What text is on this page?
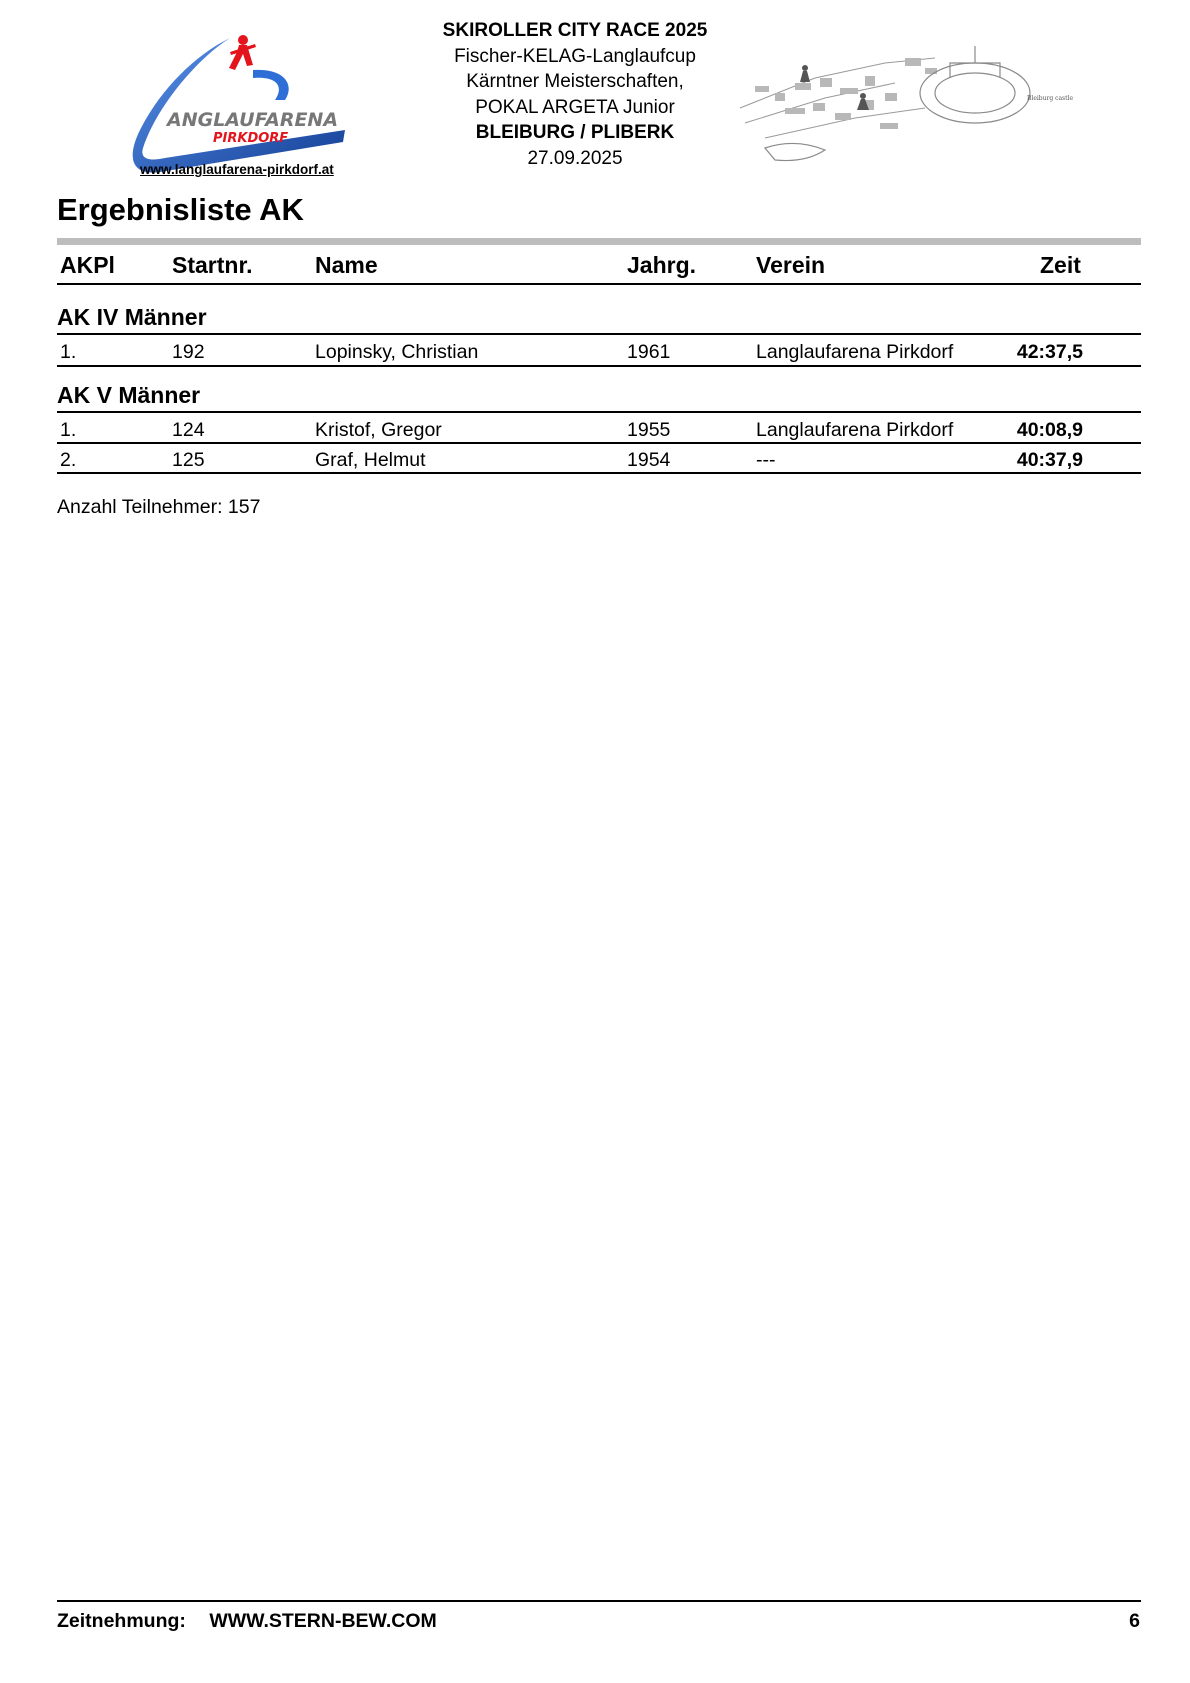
ANGLAUFARENA
PIRKDORF
www.langlaufarena-pirkdorf.at
SKIROLLER CITY RACE 2025
Fischer-KELAG-Langlaufcup
Kärntner Meisterschaften,
POKAL ARGETA Junior
BLEIBURG / PLIBERK
27.09.2025
Bleiburg castle
Ergebnisliste AK
AKPl Startnr.	Name	Jahrg.	Verein	Zeit
AK IV Männer
1.	192	Lopinsky, Christian	1961	Langlaufarena Pirkdorf	42:37,5
AK V Männer
1.	124	Kristof, Gregor	1955	Langlaufarena Pirkdorf	40:08,9
2.	125	Graf, Helmut	1954	---	40:37,9
Anzahl Teilnehmer: 157
Zeitnehmung: WWW.STERN-BEW.COM	6
